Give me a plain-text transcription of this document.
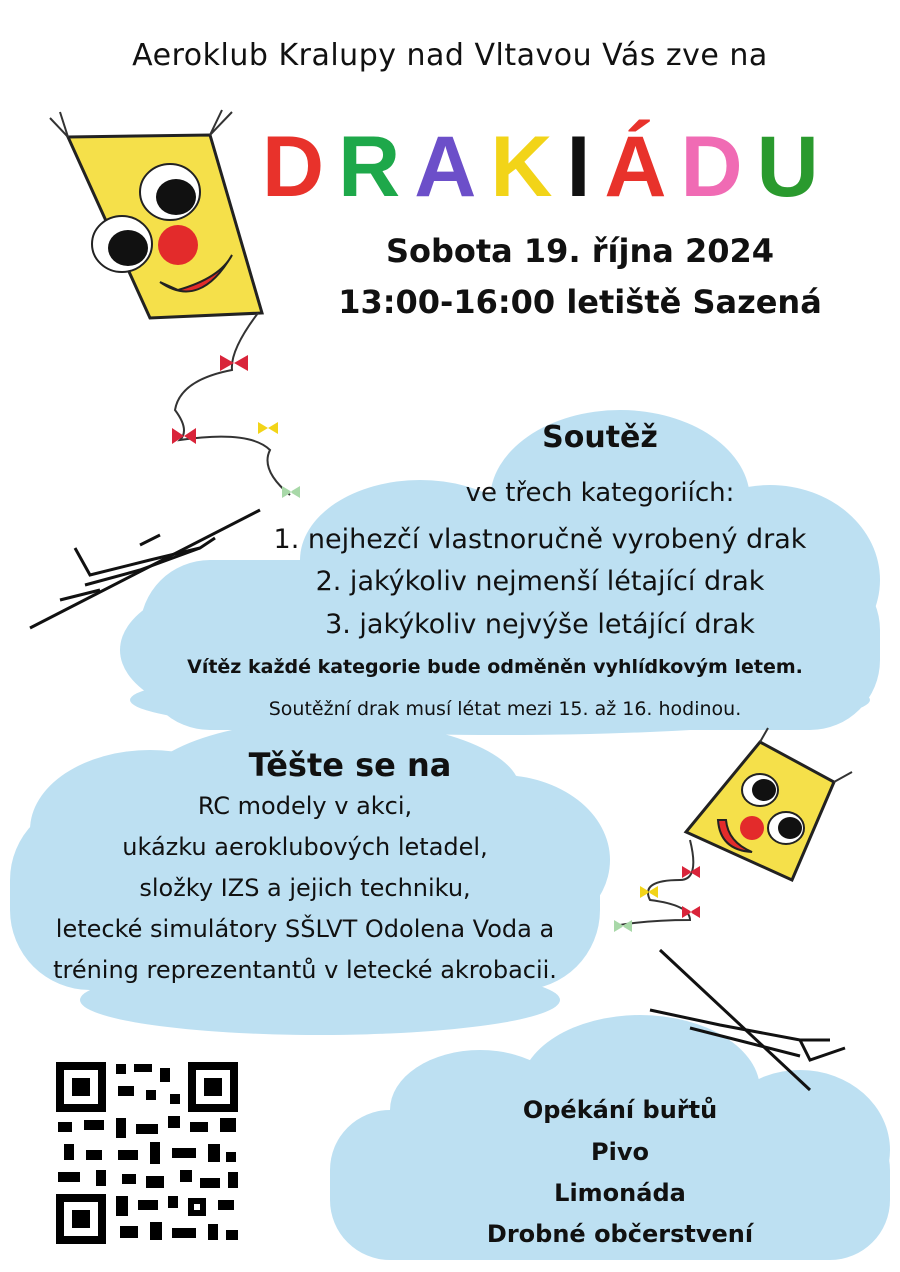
Aeroklub Kralupy nad Vltavou Vás zve na
DRAKIÁDU
Sobota 19. října 2024
13:00-16:00 letiště Sazená
Soutěž
ve třech kategoriích:
1. nejhezčí vlastnoručně vyrobený drak
2. jakýkoliv nejmenší létající drak
3. jakýkoliv nejvýše letájící drak
Vítěz každé kategorie bude odměněn vyhlídkovým letem.
Soutěžní drak musí létat mezi 15. až 16. hodinou.
Těšte se na
RC modely v akci,
ukázku aeroklubových letadel,
složky IZS a jejich techniku,
letecké simulátory SŠLVT Odolena Voda a
tréning reprezentantů v letecké akrobacii.
Opékání buřtů
Pivo
Limonáda
Drobné občerstvení
